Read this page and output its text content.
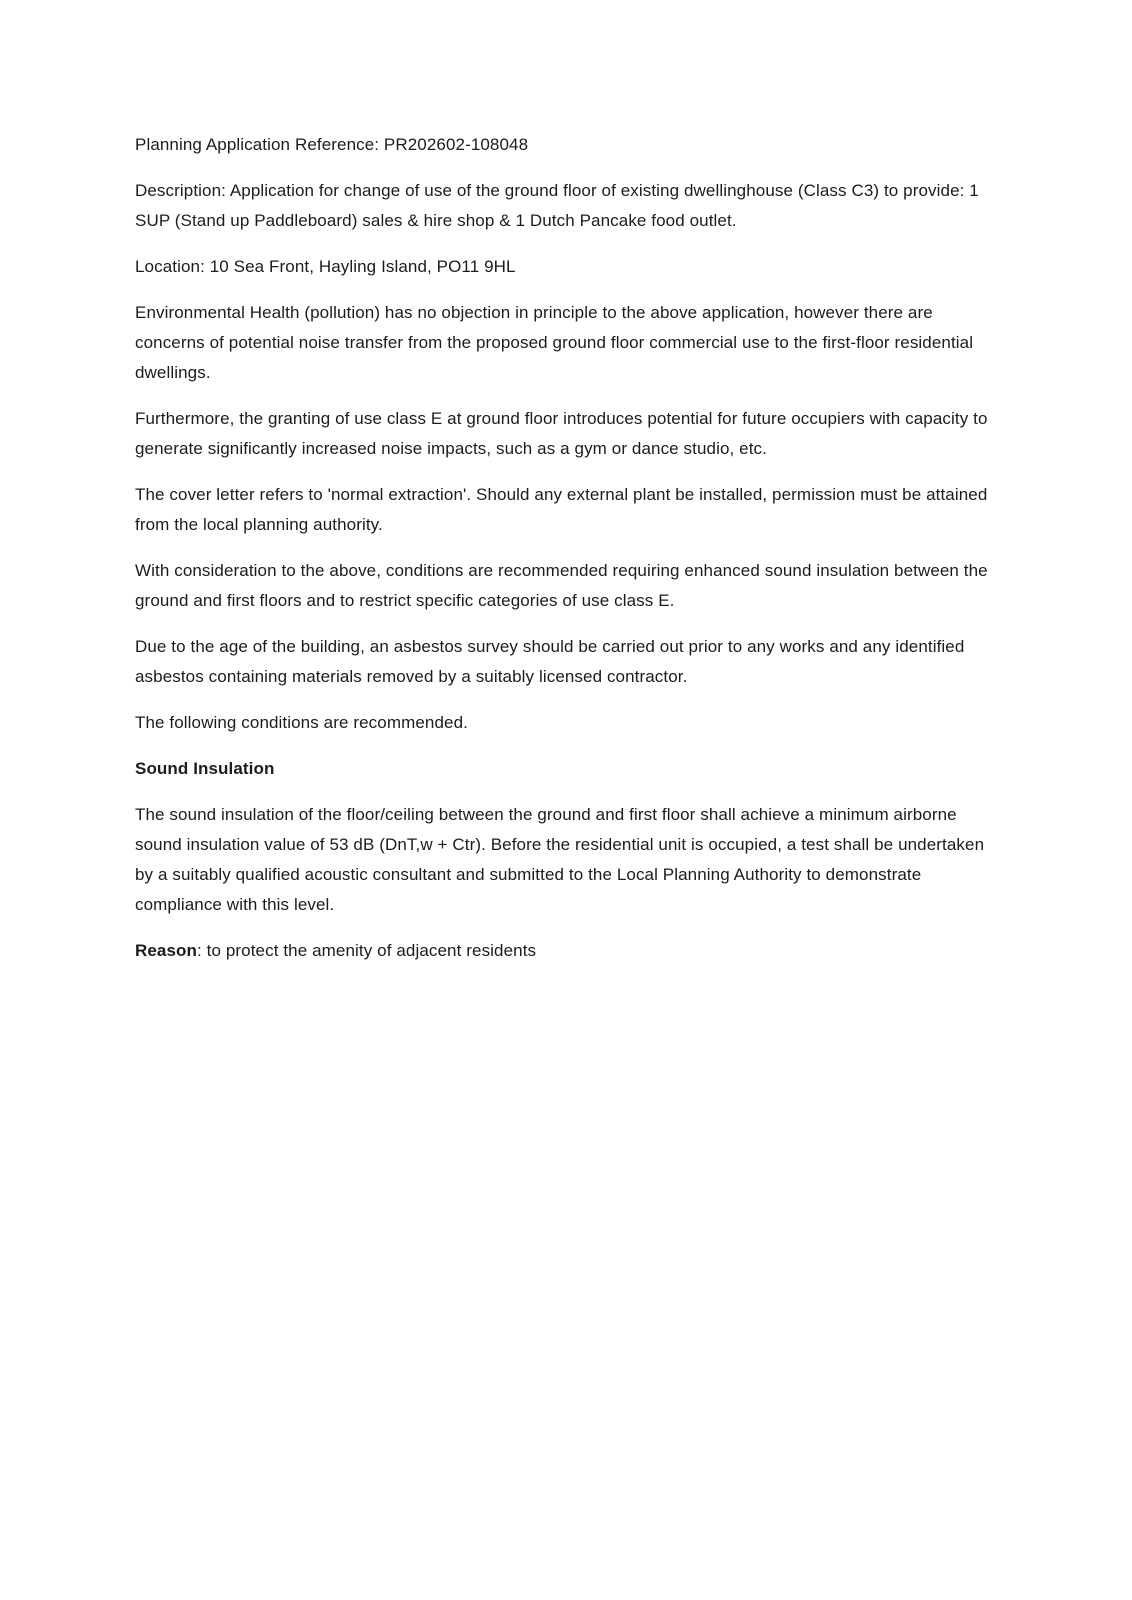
Planning Application Reference: PR202602-108048

Description: Application for change of use of the ground floor of existing dwellinghouse (Class C3) to provide: 1 SUP (Stand up Paddleboard) sales & hire shop & 1 Dutch Pancake food outlet.

Location: 10 Sea Front, Hayling Island, PO11 9HL

Environmental Health (pollution) has no objection in principle to the above application, however there are concerns of potential noise transfer from the proposed ground floor commercial use to the first-floor residential dwellings.

Furthermore, the granting of use class E at ground floor introduces potential for future occupiers with capacity to generate significantly increased noise impacts, such as a gym or dance studio, etc.

The cover letter refers to 'normal extraction'. Should any external plant be installed, permission must be attained from the local planning authority.

With consideration to the above, conditions are recommended requiring enhanced sound insulation between the ground and first floors and to restrict specific categories of use class E.

Due to the age of the building, an asbestos survey should be carried out prior to any works and any identified asbestos containing materials removed by a suitably licensed contractor.

The following conditions are recommended.

Sound Insulation

The sound insulation of the floor/ceiling between the ground and first floor shall achieve a minimum airborne sound insulation value of 53 dB (DnT,w + Ctr). Before the residential unit is occupied, a test shall be undertaken by a suitably qualified acoustic consultant and submitted to the Local Planning Authority to demonstrate compliance with this level.

Reason: to protect the amenity of adjacent residents
